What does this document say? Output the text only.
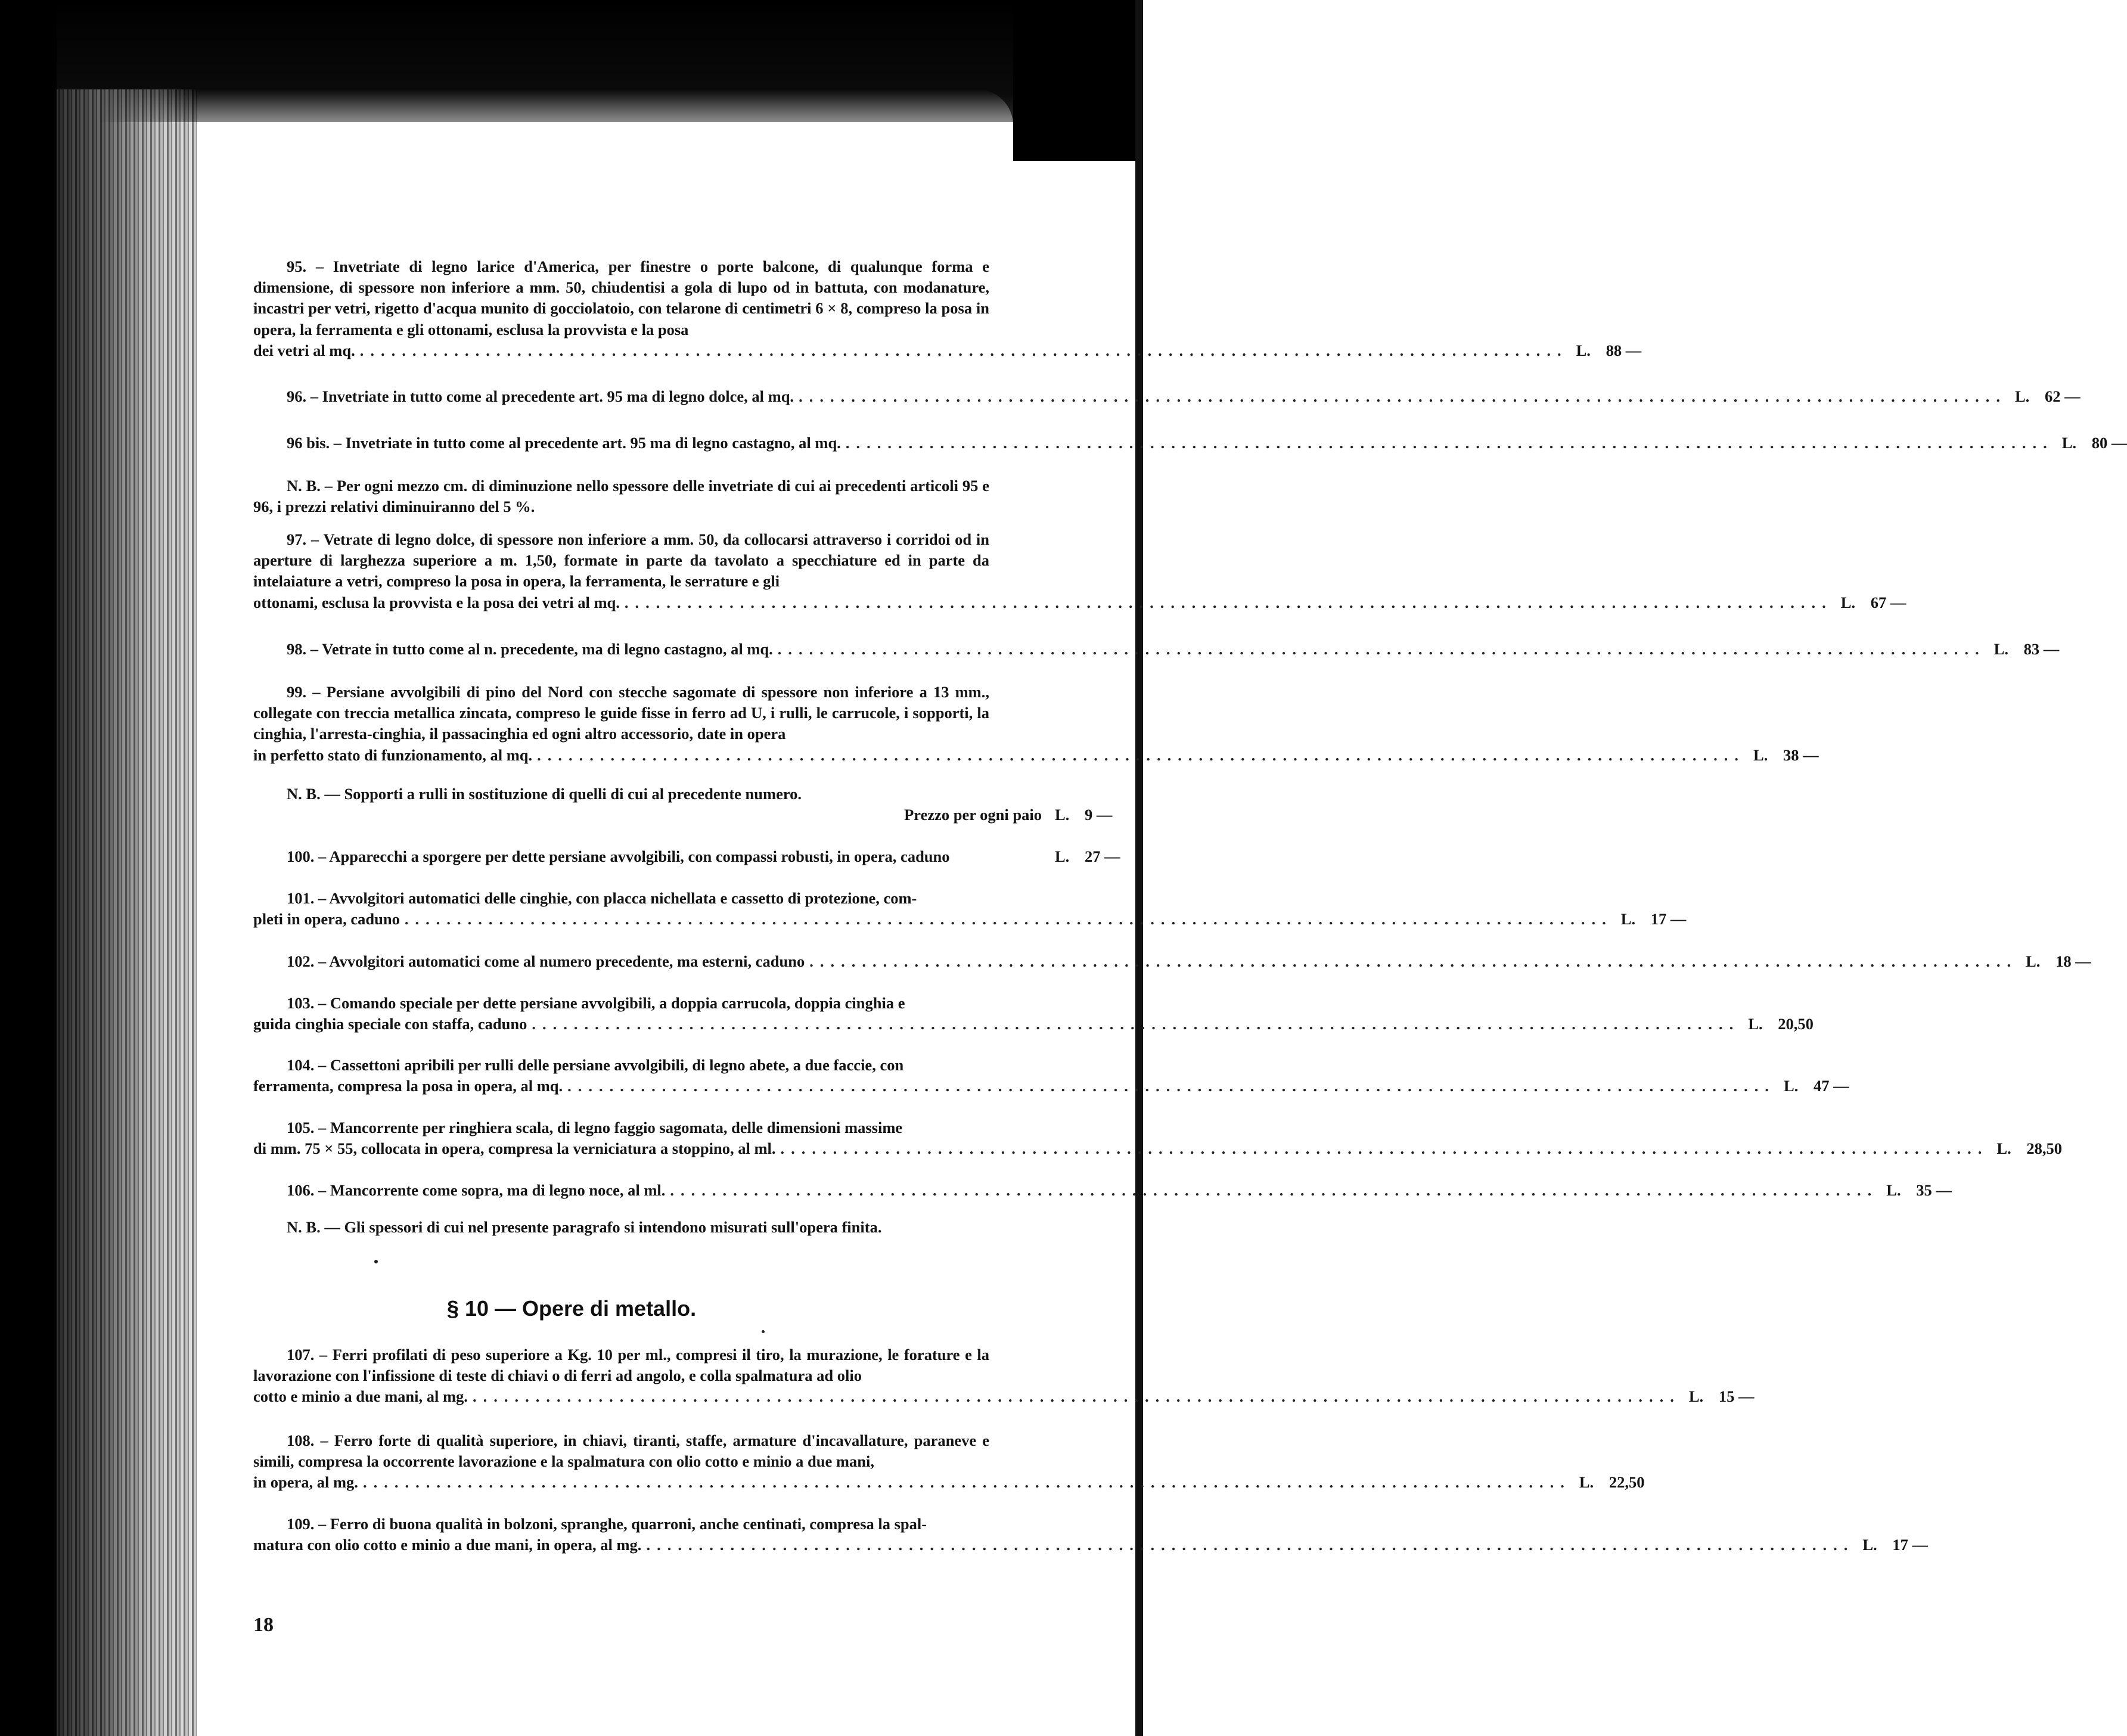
95. – Invetriate di legno larice d'America, per finestre o porte balcone, di qualunque forma e dimensione, di spessore non inferiore a mm. 50, chiudentisi a gola di lupo od in battuta, con modanature, incastri per vetri, rigetto d'acqua munito di gocciolatoio, con telarone di centimetri 6 × 8, compreso la posa in opera, la ferramenta e gli ottonami, esclusa la provvista e la posa
dei vetri al mq. ................................................................................................................... L. 88 —
96. – Invetriate in tutto come al precedente art. 95 ma di legno dolce, al mq. ................................................................................................................... L. 62 —
96 bis. – Invetriate in tutto come al precedente art. 95 ma di legno castagno, al mq. ................................................................................................................... L. 80 —
N. B. – Per ogni mezzo cm. di diminuzione nello spessore delle invetriate di cui ai precedenti articoli 95 e 96, i prezzi relativi diminuiranno del 5 %.
97. – Vetrate di legno dolce, di spessore non inferiore a mm. 50, da collocarsi attraverso i corridoi od in aperture di larghezza superiore a m. 1,50, formate in parte da tavolato a specchiature ed in parte da intelaiature a vetri, compreso la posa in opera, la ferramenta, le serrature e gli
ottonami, esclusa la provvista e la posa dei vetri al mq. ................................................................................................................... L. 67 —
98. – Vetrate in tutto come al n. precedente, ma di legno castagno, al mq. ................................................................................................................... L. 83 —
99. – Persiane avvolgibili di pino del Nord con stecche sagomate di spessore non inferiore a 13 mm., collegate con treccia metallica zincata, compreso le guide fisse in ferro ad U, i rulli, le carrucole, i sopporti, la cinghia, l'arresta-cinghia, il passacinghia ed ogni altro accessorio, date in opera
in perfetto stato di funzionamento, al mq. ................................................................................................................... L. 38 —
N. B. — Sopporti a rulli in sostituzione di quelli di cui al precedente numero.
Prezzo per ogni paio L. 9 —
100. – Apparecchi a sporgere per dette persiane avvolgibili, con compassi robusti, in opera, caduno	L. 27 —
101. – Avvolgitori automatici delle cinghie, con placca nichellata e cassetto di protezione, com-
pleti in opera, caduno ................................................................................................................... L. 17 —
102. – Avvolgitori automatici come al numero precedente, ma esterni, caduno ................................................................................................................... L. 18 —
103. – Comando speciale per dette persiane avvolgibili, a doppia carrucola, doppia cinghia e
guida cinghia speciale con staffa, caduno ................................................................................................................... L. 20,50
104. – Cassettoni apribili per rulli delle persiane avvolgibili, di legno abete, a due faccie, con
ferramenta, compresa la posa in opera, al mq. ................................................................................................................... L. 47 —
105. – Mancorrente per ringhiera scala, di legno faggio sagomata, delle dimensioni massime
di mm. 75 × 55, collocata in opera, compresa la verniciatura a stoppino, al ml. ................................................................................................................... L. 28,50
106. – Mancorrente come sopra, ma di legno noce, al ml. ................................................................................................................... L. 35 —
N. B. — Gli spessori di cui nel presente paragrafo si intendono misurati sull'opera finita.
§ 10 — Opere di metallo.
107. – Ferri profilati di peso superiore a Kg. 10 per ml., compresi il tiro, la murazione, le forature e la lavorazione con l'infissione di teste di chiavi o di ferri ad angolo, e colla spalmatura ad olio
cotto e minio a due mani, al mg. ................................................................................................................... L. 15 —
108. – Ferro forte di qualità superiore, in chiavi, tiranti, staffe, armature d'incavallature, paraneve e simili, compresa la occorrente lavorazione e la spalmatura con olio cotto e minio a due mani,
in opera, al mg. ................................................................................................................... L. 22,50
109. – Ferro di buona qualità in bolzoni, spranghe, quarroni, anche centinati, compresa la spal-
matura con olio cotto e minio a due mani, in opera, al mg. ................................................................................................................... L. 17 —
18
